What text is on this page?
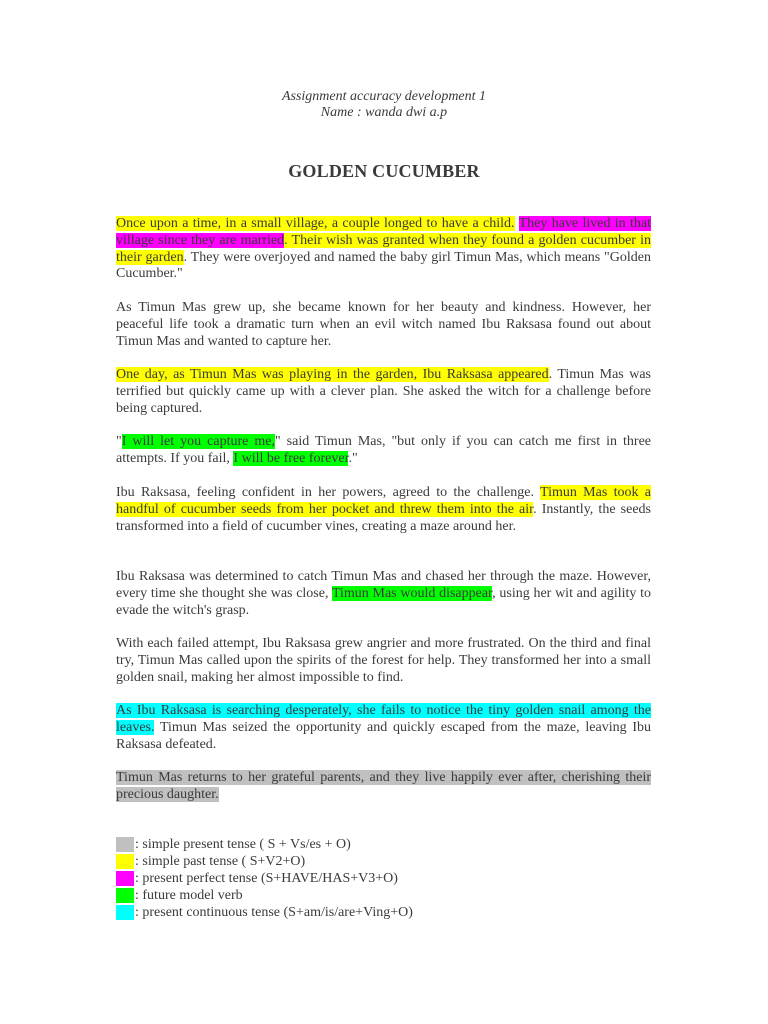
Assignment accuracy development 1
Name : wanda dwi a.p
GOLDEN CUCUMBER
Once upon a time, in a small village, a couple longed to have a child. They have lived in that village since they are married. Their wish was granted when they found a golden cucumber in their garden. They were overjoyed and named the baby girl Timun Mas, which means "Golden Cucumber."
As Timun Mas grew up, she became known for her beauty and kindness. However, her peaceful life took a dramatic turn when an evil witch named Ibu Raksasa found out about Timun Mas and wanted to capture her.
One day, as Timun Mas was playing in the garden, Ibu Raksasa appeared. Timun Mas was terrified but quickly came up with a clever plan. She asked the witch for a challenge before being captured.
"I will let you capture me," said Timun Mas, "but only if you can catch me first in three attempts. If you fail, I will be free forever."
Ibu Raksasa, feeling confident in her powers, agreed to the challenge. Timun Mas took a handful of cucumber seeds from her pocket and threw them into the air. Instantly, the seeds transformed into a field of cucumber vines, creating a maze around her.
Ibu Raksasa was determined to catch Timun Mas and chased her through the maze. However, every time she thought she was close, Timun Mas would disappear, using her wit and agility to evade the witch's grasp.
With each failed attempt, Ibu Raksasa grew angrier and more frustrated. On the third and final try, Timun Mas called upon the spirits of the forest for help. They transformed her into a small golden snail, making her almost impossible to find.
As Ibu Raksasa is searching desperately, she fails to notice the tiny golden snail among the leaves. Timun Mas seized the opportunity and quickly escaped from the maze, leaving Ibu Raksasa defeated.
Timun Mas returns to her grateful parents, and they live happily ever after, cherishing their precious daughter.
: simple present tense ( S + Vs/es + O)
: simple past tense ( S+V2+O)
: present perfect tense (S+HAVE/HAS+V3+O)
: future model verb
: present continuous tense (S+am/is/are+Ving+O)
